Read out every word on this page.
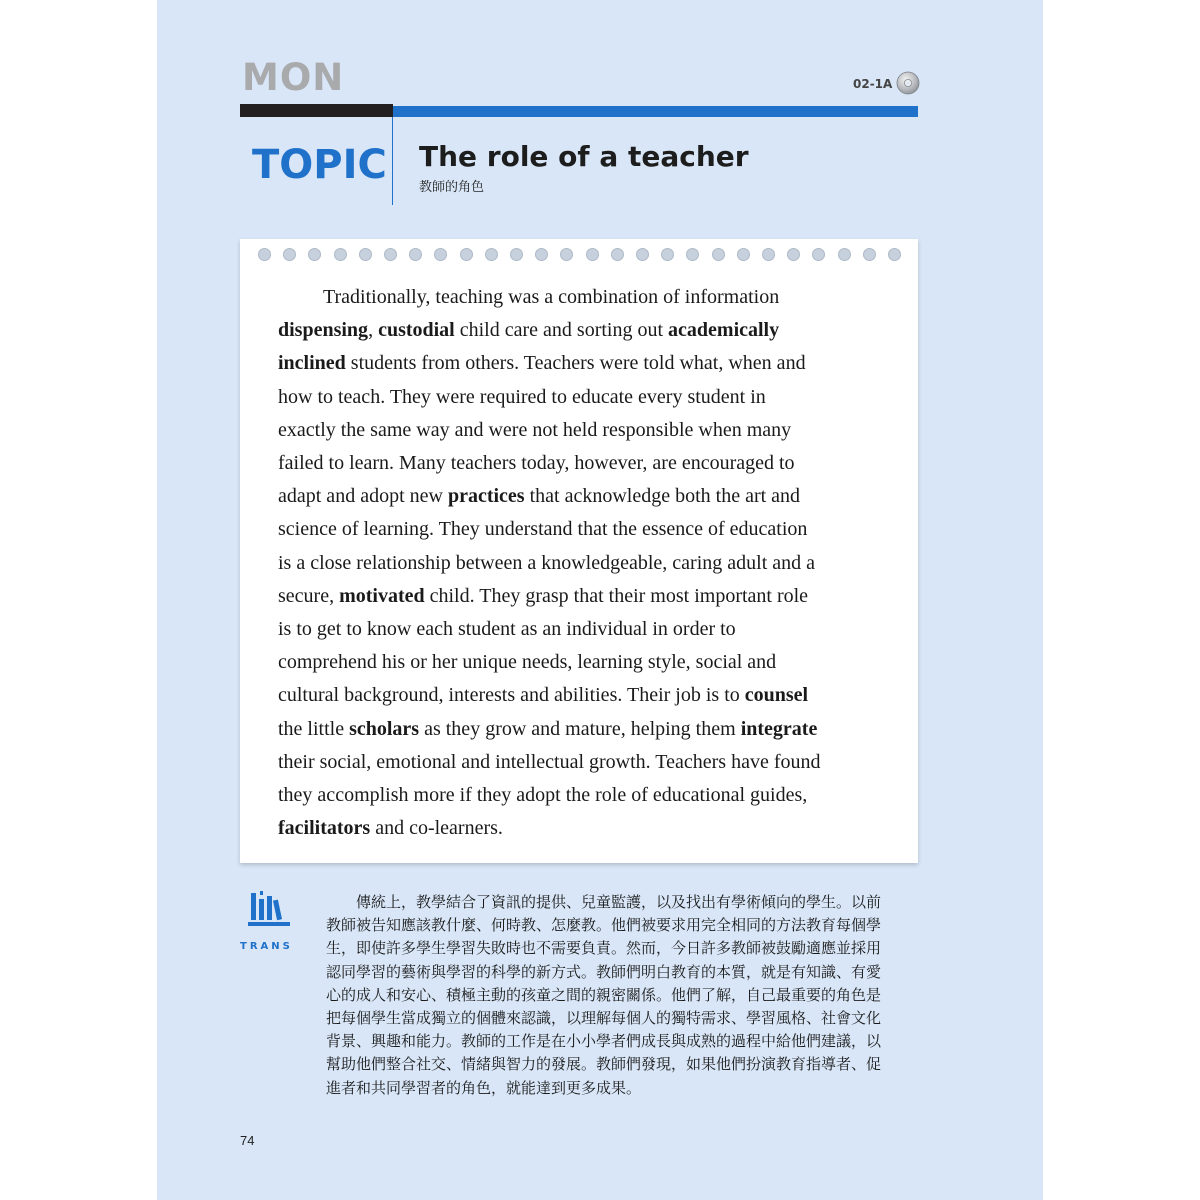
MON	02-1A
TOPIC The role of a teacher
教師的角色

Traditionally, teaching was a combination of information
dispensing, custodial child care and sorting out academically
inclined students from others. Teachers were told what, when and
how to teach. They were required to educate every student in
exactly the same way and were not held responsible when many
failed to learn. Many teachers today, however, are encouraged to
adapt and adopt new practices that acknowledge both the art and
science of learning. They understand that the essence of education
is a close relationship between a knowledgeable, caring adult and a
secure, motivated child. They grasp that their most important role
is to get to know each student as an individual in order to
comprehend his or her unique needs, learning style, social and
cultural background, interests and abilities. Their job is to counsel
the little scholars as they grow and mature, helping them integrate
their social, emotional and intellectual growth. Teachers have found
they accomplish more if they adopt the role of educational guides,
facilitators and co-learners.

TRANS

傳統上，教學結合了資訊的提供、兒童監護，以及找出有學術傾向的學生。以前
教師被告知應該教什麼、何時教、怎麼教。他們被要求用完全相同的方法教育每個學
生，即使許多學生學習失敗時也不需要負責。然而，今日許多教師被鼓勵適應並採用
認同學習的藝術與學習的科學的新方式。教師們明白教育的本質，就是有知識、有愛
心的成人和安心、積極主動的孩童之間的親密關係。他們了解，自己最重要的角色是
把每個學生當成獨立的個體來認識，以理解每個人的獨特需求、學習風格、社會文化
背景、興趣和能力。教師的工作是在小小學者們成長與成熟的過程中給他們建議，以
幫助他們整合社交、情緒與智力的發展。教師們發現，如果他們扮演教育指導者、促
進者和共同學習者的角色，就能達到更多成果。

74
